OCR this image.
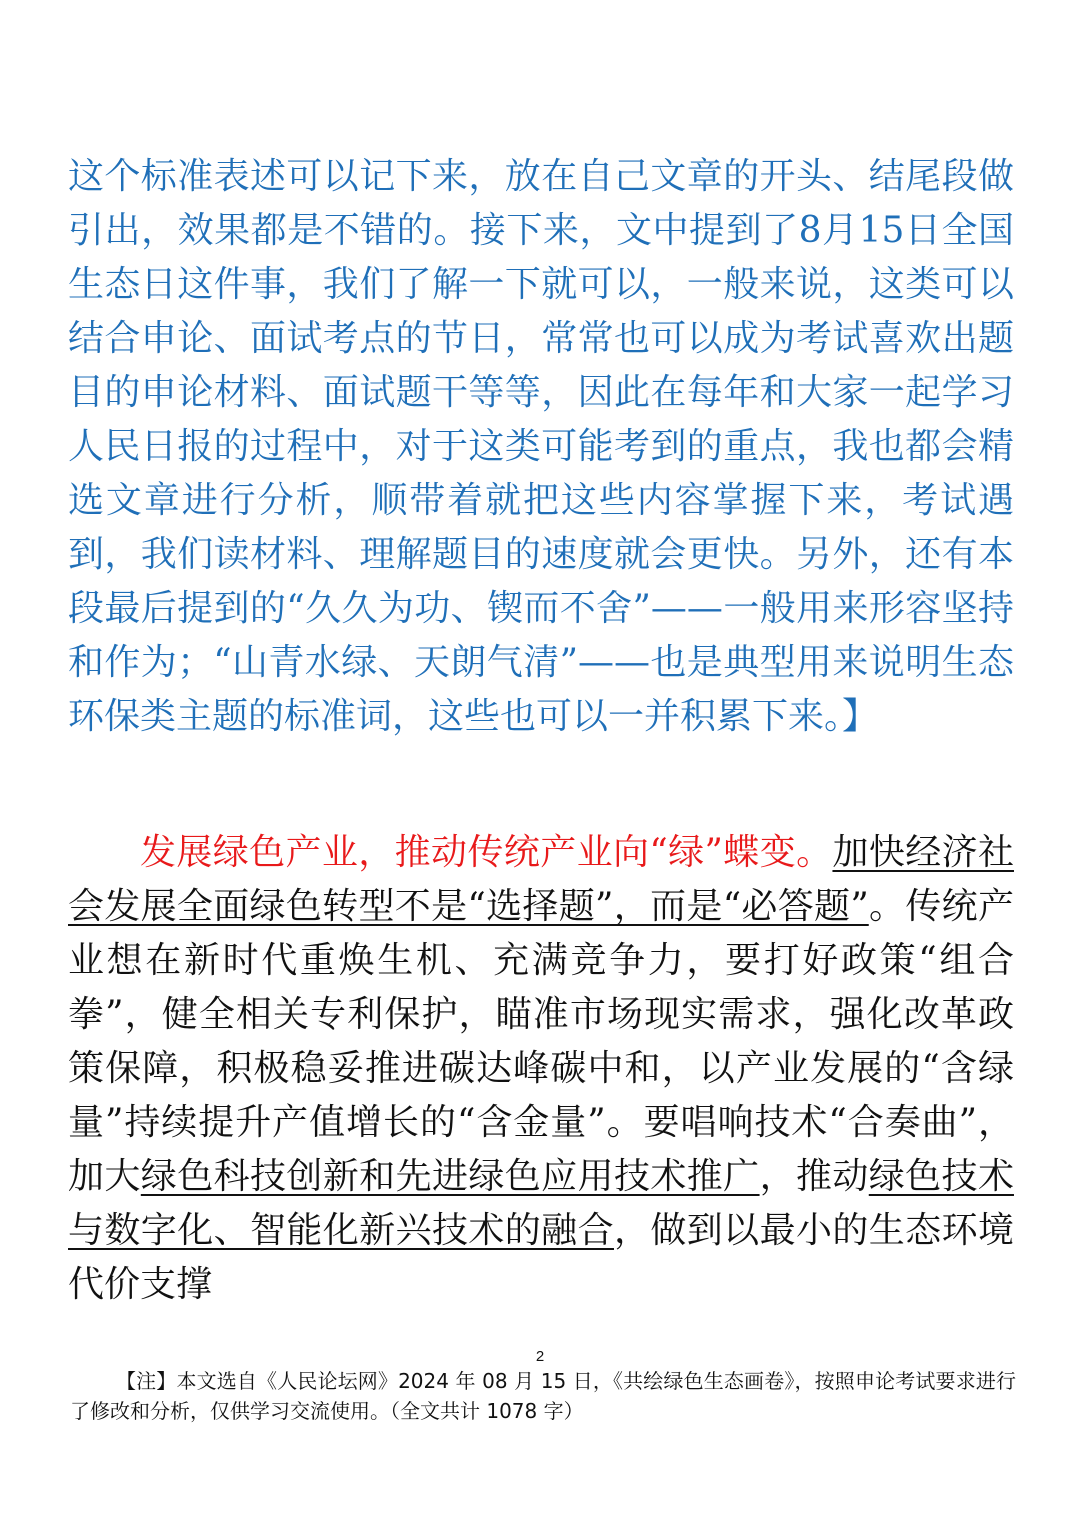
这个标准表述可以记下来，放在自己文章的开头、结尾段做引出，效果都是不错的。接下来，文中提到了8月15日全国生态日这件事，我们了解一下就可以，一般来说，这类可以结合申论、面试考点的节日，常常也可以成为考试喜欢出题目的申论材料、面试题干等等，因此在每年和大家一起学习人民日报的过程中，对于这类可能考到的重点，我也都会精选文章进行分析，顺带着就把这些内容掌握下来，考试遇到，我们读材料、理解题目的速度就会更快。另外，还有本段最后提到的“久久为功、锲而不舍”——一般用来形容坚持和作为；“山青水绿、天朗气清”——也是典型用来说明生态环保类主题的标准词，这些也可以一并积累下来。】

发展绿色产业，推动传统产业向“绿”蝶变。加快经济社会发展全面绿色转型不是“选择题”，而是“必答题”。传统产业想在新时代重焕生机、充满竞争力，要打好政策“组合拳”，健全相关专利保护，瞄准市场现实需求，强化改革政策保障，积极稳妥推进碳达峰碳中和，以产业发展的“含绿量”持续提升产值增长的“含金量”。要唱响技术“合奏曲”，加大绿色科技创新和先进绿色应用技术推广，推动绿色技术与数字化、智能化新兴技术的融合，做到以最小的生态环境代价支撑

2

【注】本文选自《人民论坛网》2024 年 08 月 15 日，《共绘绿色生态画卷》，按照申论考试要求进行了修改和分析，仅供学习交流使用。（全文共计 1078 字）
